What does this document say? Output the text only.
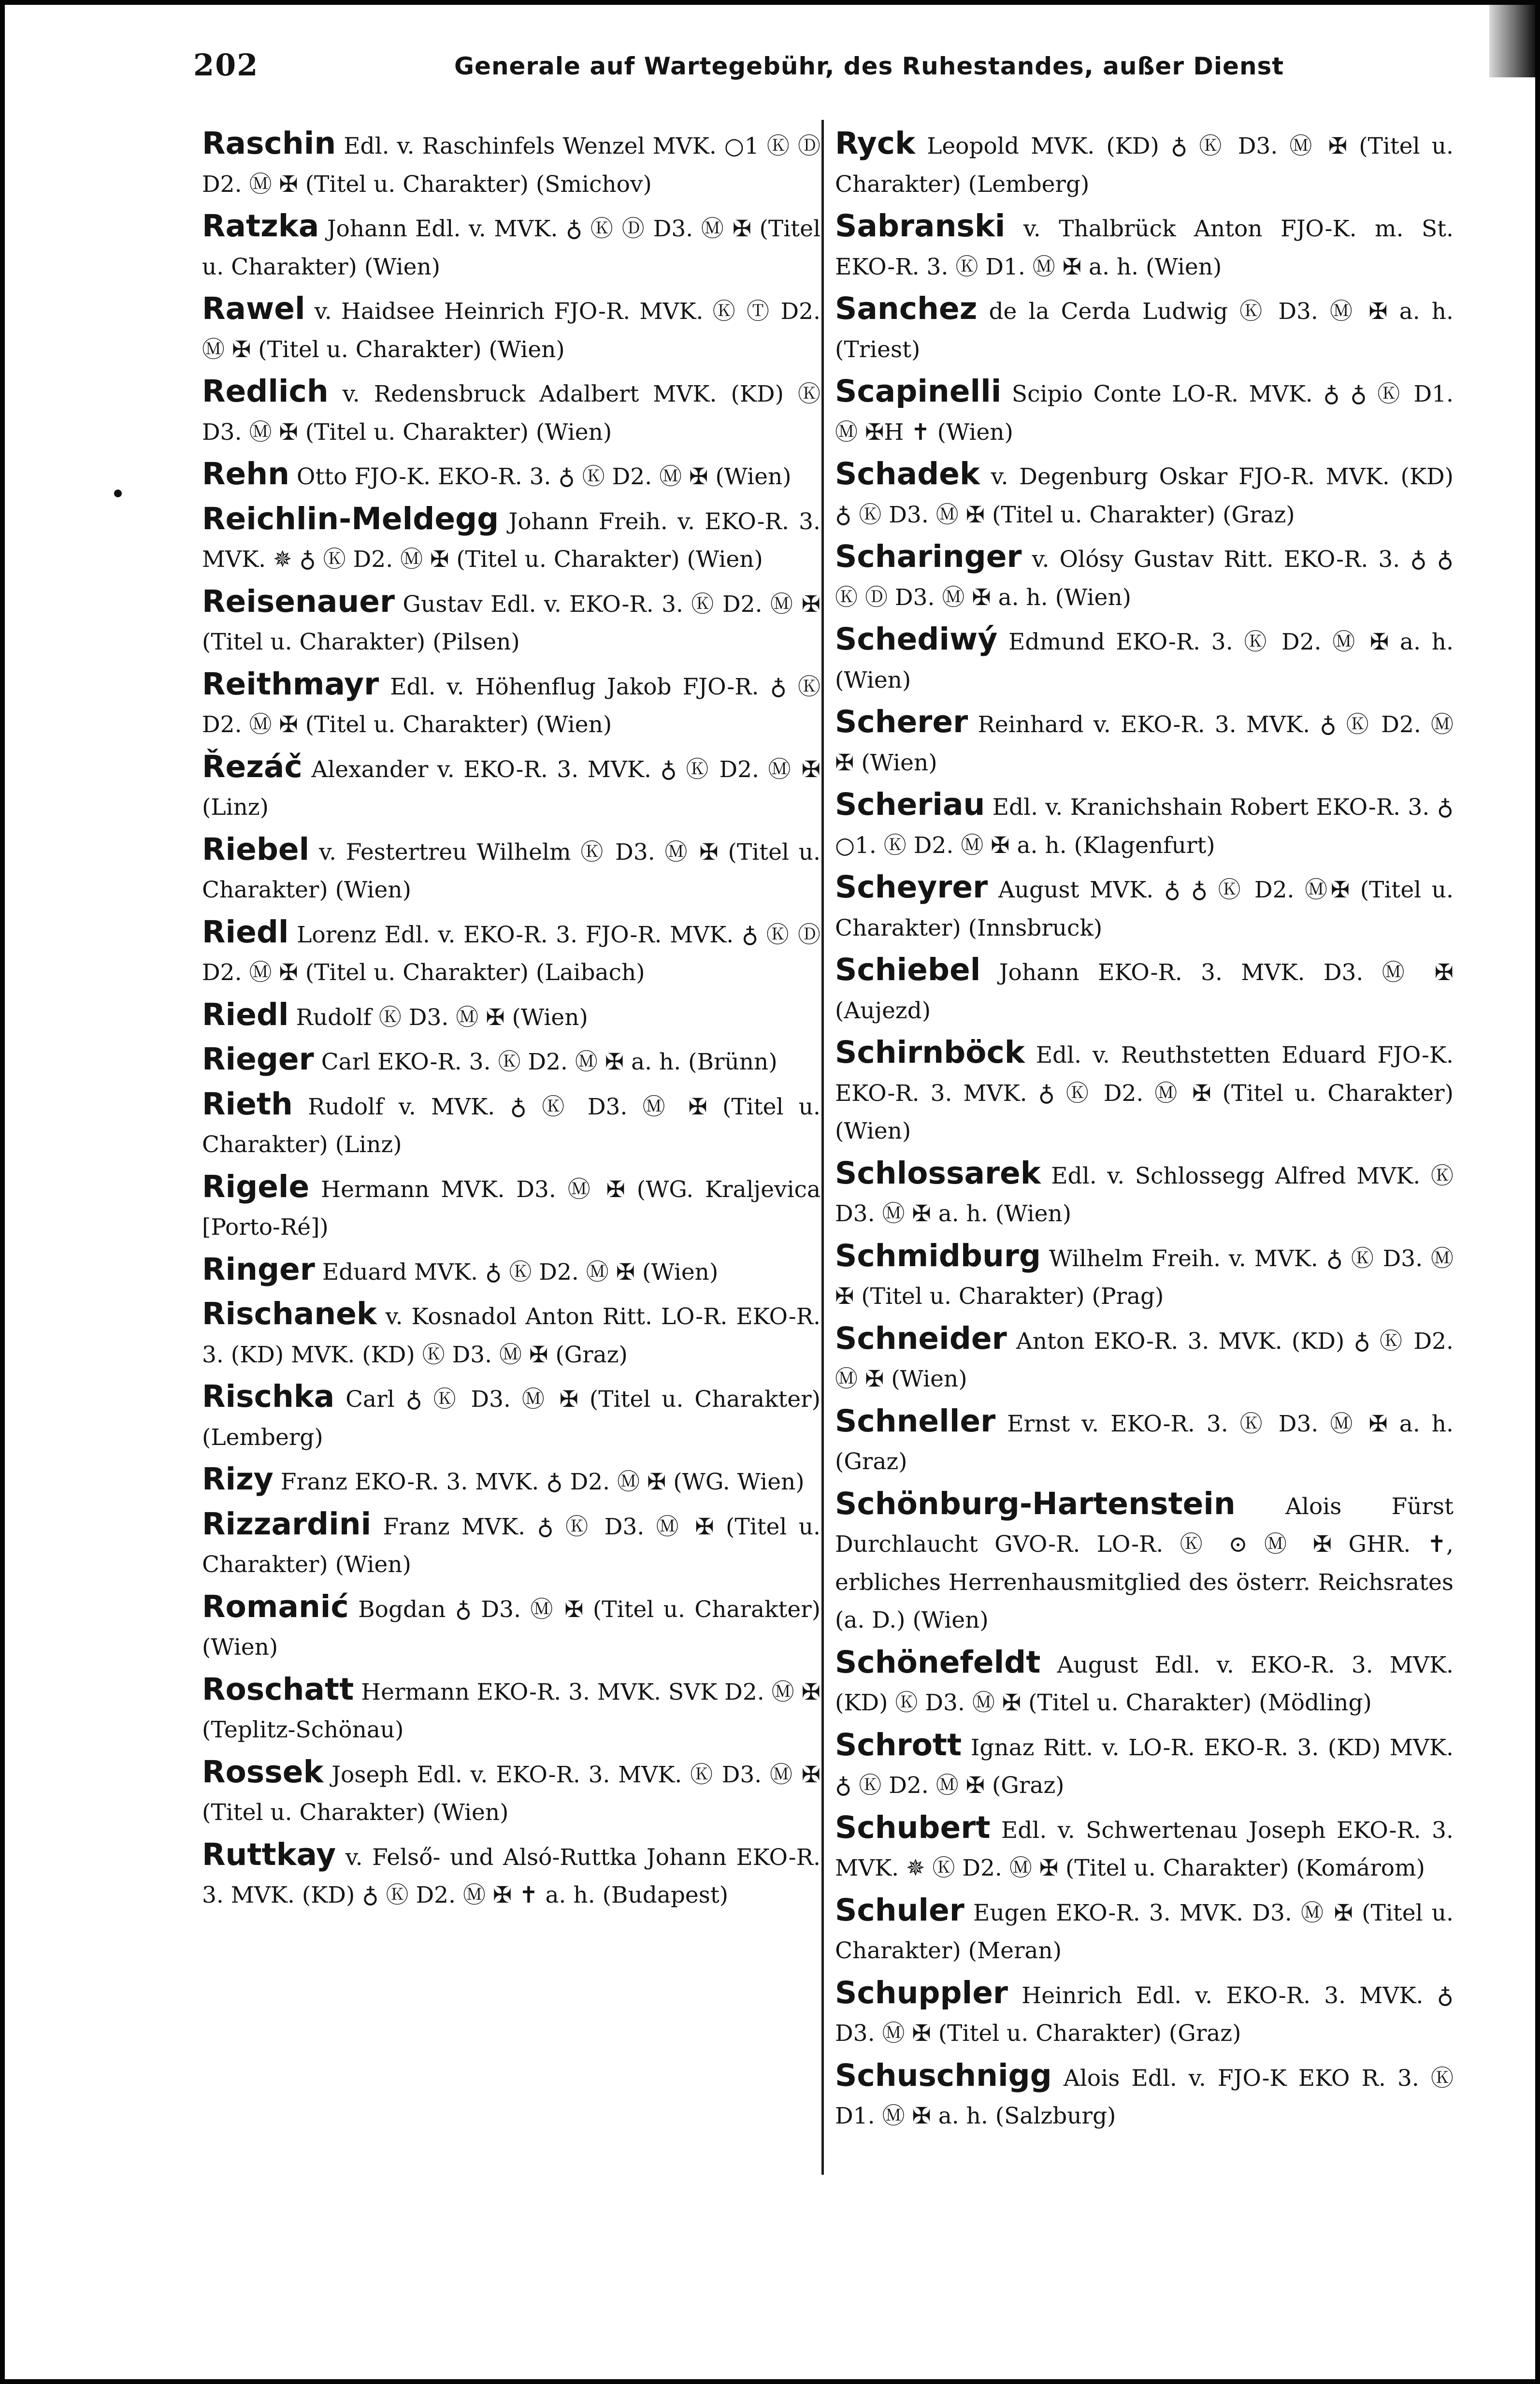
202	Generale auf Wartegebühr, des Ruhestandes, außer Dienst

Raschin Edl. v. Raschinfels Wenzel MVK. ○1 Ⓚ Ⓓ D2. Ⓜ ✠ (Titel u. Charakter) (Smichov)

Ratzka Johann Edl. v. MVK. ♁ Ⓚ Ⓓ D3. Ⓜ ✠ (Titel u. Charakter) (Wien)

Rawel v. Haidsee Heinrich FJO-R. MVK. Ⓚ Ⓣ D2. Ⓜ ✠ (Titel u. Charakter) (Wien)

Redlich v. Redensbruck Adalbert MVK. (KD) Ⓚ D3. Ⓜ ✠ (Titel u. Charakter) (Wien)

Rehn Otto FJO-K. EKO-R. 3. ♁ Ⓚ D2. Ⓜ ✠ (Wien)

Reichlin-Meldegg Johann Freih. v. EKO-R. 3. MVK. ✵ ♁ Ⓚ D2. Ⓜ ✠ (Titel u. Charakter) (Wien)

Reisenauer Gustav Edl. v. EKO-R. 3. Ⓚ D2. Ⓜ ✠ (Titel u. Charakter) (Pilsen)

Reithmayr Edl. v. Höhenflug Jakob FJO-R. ♁ Ⓚ D2. Ⓜ ✠ (Titel u. Charakter) (Wien)

Řezáč Alexander v. EKO-R. 3. MVK. ♁ Ⓚ D2. Ⓜ ✠ (Linz)

Riebel v. Festertreu Wilhelm Ⓚ D3. Ⓜ ✠ (Titel u. Charakter) (Wien)

Riedl Lorenz Edl. v. EKO-R. 3. FJO-R. MVK. ♁ Ⓚ Ⓓ D2. Ⓜ ✠ (Titel u. Charakter) (Laibach)

Riedl Rudolf Ⓚ D3. Ⓜ ✠ (Wien)

Rieger Carl EKO-R. 3. Ⓚ D2. Ⓜ ✠ a. h. (Brünn)

Rieth Rudolf v. MVK. ♁ Ⓚ D3. Ⓜ ✠ (Titel u. Charakter) (Linz)

Rigele Hermann MVK. D3. Ⓜ ✠ (WG. Kraljevica [Porto-Ré])

Ringer Eduard MVK. ♁ Ⓚ D2. Ⓜ ✠ (Wien)

Rischanek v. Kosnadol Anton Ritt. LO-R. EKO-R. 3. (KD) MVK. (KD) Ⓚ D3. Ⓜ ✠ (Graz)

Rischka Carl ♁ Ⓚ D3. Ⓜ ✠ (Titel u. Charakter) (Lemberg)

Rizy Franz EKO-R. 3. MVK. ♁ D2. Ⓜ ✠ (WG. Wien)

Rizzardini Franz MVK. ♁ Ⓚ D3. Ⓜ ✠ (Titel u. Charakter) (Wien)

Romanić Bogdan ♁ D3. Ⓜ ✠ (Titel u. Charakter) (Wien)

Roschatt Hermann EKO-R. 3. MVK. SVK D2. Ⓜ ✠ (Teplitz-Schönau)

Rossek Joseph Edl. v. EKO-R. 3. MVK. Ⓚ D3. Ⓜ ✠ (Titel u. Charakter) (Wien)

Ruttkay v. Felső- und Alsó-Ruttka Johann EKO-R. 3. MVK. (KD) ♁ Ⓚ D2. Ⓜ ✠ ✝ a. h. (Budapest)

Ryck Leopold MVK. (KD) ♁ Ⓚ D3. Ⓜ ✠ (Titel u. Charakter) (Lemberg)

Sabranski v. Thalbrück Anton FJO-K. m. St. EKO-R. 3. Ⓚ D1. Ⓜ ✠ a. h. (Wien)

Sanchez de la Cerda Ludwig Ⓚ D3. Ⓜ ✠ a. h. (Triest)

Scapinelli Scipio Conte LO-R. MVK. ♁ ♁ Ⓚ D1. Ⓜ ✠H ✝ (Wien)

Schadek v. Degenburg Oskar FJO-R. MVK. (KD) ♁ Ⓚ D3. Ⓜ ✠ (Titel u. Charakter) (Graz)

Scharinger v. Olósy Gustav Ritt. EKO-R. 3. ♁ ♁ Ⓚ Ⓓ D3. Ⓜ ✠ a. h. (Wien)

Schediwý Edmund EKO-R. 3. Ⓚ D2. Ⓜ ✠ a. h. (Wien)

Scherer Reinhard v. EKO-R. 3. MVK. ♁ Ⓚ D2. Ⓜ ✠ (Wien)

Scheriau Edl. v. Kranichshain Robert EKO-R. 3. ♁ ○1. Ⓚ D2. Ⓜ ✠ a. h. (Klagenfurt)

Scheyrer August MVK. ♁ ♁ Ⓚ D2. Ⓜ✠ (Titel u. Charakter) (Innsbruck)

Schiebel Johann EKO-R. 3. MVK. D3. Ⓜ ✠ (Aujezd)

Schirnböck Edl. v. Reuthstetten Eduard FJO-K. EKO-R. 3. MVK. ♁ Ⓚ D2. Ⓜ ✠ (Titel u. Charakter) (Wien)

Schlossarek Edl. v. Schlossegg Alfred MVK. Ⓚ D3. Ⓜ ✠ a. h. (Wien)

Schmidburg Wilhelm Freih. v. MVK. ♁ Ⓚ D3. Ⓜ ✠ (Titel u. Charakter) (Prag)

Schneider Anton EKO-R. 3. MVK. (KD) ♁ Ⓚ D2. Ⓜ ✠ (Wien)

Schneller Ernst v. EKO-R. 3. Ⓚ D3. Ⓜ ✠ a. h. (Graz)

Schönburg-Hartenstein Alois Fürst Durchlaucht GVO-R. LO-R. Ⓚ ⊙ Ⓜ ✠ GHR. ✝, erbliches Herrenhausmitglied des österr. Reichsrates (a. D.) (Wien)

Schönefeldt August Edl. v. EKO-R. 3. MVK. (KD) Ⓚ D3. Ⓜ ✠ (Titel u. Charakter) (Mödling)

Schrott Ignaz Ritt. v. LO-R. EKO-R. 3. (KD) MVK. ♁ Ⓚ D2. Ⓜ ✠ (Graz)

Schubert Edl. v. Schwertenau Joseph EKO-R. 3. MVK. ✵ Ⓚ D2. Ⓜ ✠ (Titel u. Charakter) (Komárom)

Schuler Eugen EKO-R. 3. MVK. D3. Ⓜ ✠ (Titel u. Charakter) (Meran)

Schuppler Heinrich Edl. v. EKO-R. 3. MVK. ♁ D3. Ⓜ ✠ (Titel u. Charakter) (Graz)

Schuschnigg Alois Edl. v. FJO-K EKO R. 3. Ⓚ D1. Ⓜ ✠ a. h. (Salzburg)
